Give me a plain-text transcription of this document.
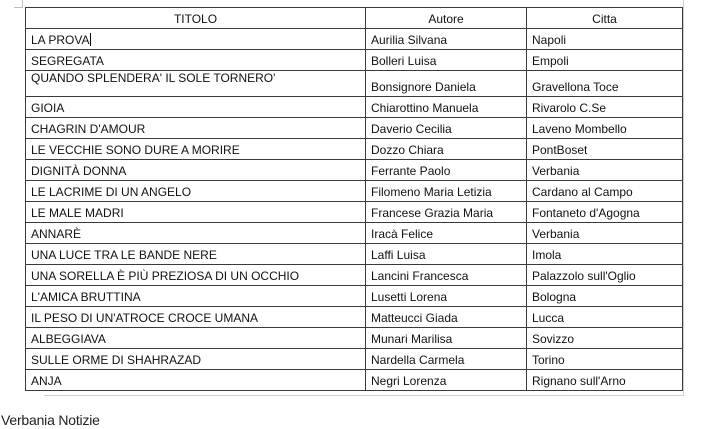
TITOLO	Autore	Citta
LA PROVA	Aurilia Silvana	Napoli
SEGREGATA	Bolleri Luisa	Empoli
QUANDO SPLENDERA' IL SOLE TORNERO'	Bonsignore Daniela	Gravellona Toce
GIOIA	Chiarottino Manuela	Rivarolo C.Se
CHAGRIN D'AMOUR	Daverio Cecilia	Laveno Mombello
LE VECCHIE SONO DURE A MORIRE	Dozzo Chiara	PontBoset
DIGNITÀ DONNA	Ferrante Paolo	Verbania
LE LACRIME DI UN ANGELO	Filomeno Maria Letizia	Cardano al Campo
LE MALE MADRI	Francese Grazia Maria	Fontaneto d'Agogna
ANNARÈ	Iracà Felice	Verbania
UNA LUCE TRA LE BANDE NERE	Laffi Luisa	Imola
UNA SORELLA È PIÙ PREZIOSA DI UN OCCHIO	Lancini Francesca	Palazzolo sull'Oglio
L'AMICA BRUTTINA	Lusetti Lorena	Bologna
IL PESO DI UN'ATROCE CROCE UMANA	Matteucci Giada	Lucca
ALBEGGIAVA	Munari Marilisa	Sovizzo
SULLE ORME DI SHAHRAZAD	Nardella Carmela	Torino
ANJA	Negri Lorenza	Rignano sull'Arno
Verbania Notizie
